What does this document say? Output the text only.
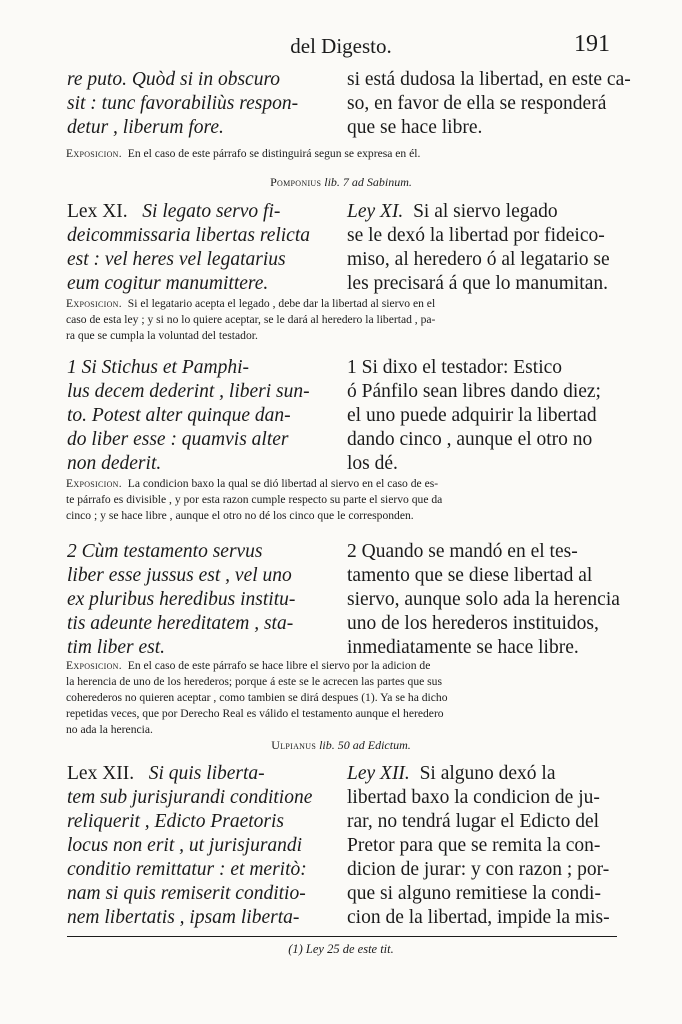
del Digesto.	191
re puto. Quòd si in obscuro
sit : tunc favorabiliùs respon-
detur , liberum fore.
si está dudosa la libertad, en este ca-
so, en favor de ella se responderá
que se hace libre.
Exposicion. En el caso de este párrafo se distinguirá segun se expresa en él.
Pomponius lib. 7 ad Sabinum.
Lex XI. Si legato servo fi-
deicommissaria libertas relicta
est : vel heres vel legatarius
eum cogitur manumittere.
Ley XI. Si al siervo legado
se le dexó la libertad por fideico-
miso, al heredero ó al legatario se
les precisará á que lo manumitan.
Exposicion. Si el legatario acepta el legado , debe dar la libertad al siervo en el
caso de esta ley ; y si no lo quiere aceptar, se le dará al heredero la libertad , pa-
ra que se cumpla la voluntad del testador.
1 Si Stichus et Pamphi-
lus decem dederint , liberi sun-
to. Potest alter quinque dan-
do liber esse : quamvis alter
non dederit.
1 Si dixo el testador: Estico
ó Pánfilo sean libres dando diez;
el uno puede adquirir la libertad
dando cinco , aunque el otro no
los dé.
Exposicion. La condicion baxo la qual se dió libertad al siervo en el caso de es-
te párrafo es divisible , y por esta razon cumple respecto su parte el siervo que da
cinco ; y se hace libre , aunque el otro no dé los cinco que le corresponden.
2 Cùm testamento servus
liber esse jussus est , vel uno
ex pluribus heredibus institu-
tis adeunte hereditatem , sta-
tim liber est.
2 Quando se mandó en el tes-
tamento que se diese libertad al
siervo, aunque solo ada la herencia
uno de los herederos instituidos,
inmediatamente se hace libre.
Exposicion. En el caso de este párrafo se hace libre el siervo por la adicion de
la herencia de uno de los herederos; porque á este se le acrecen las partes que sus
coherederos no quieren aceptar , como tambien se dirá despues (1). Ya se ha dicho
repetidas veces, que por Derecho Real es válido el testamento aunque el heredero
no ada la herencia.
Ulpianus lib. 50 ad Edictum.
Lex XII. Si quis liberta-
tem sub jurisjurandi conditione
reliquerit , Edicto Praetoris
locus non erit , ut jurisjurandi
conditio remittatur : et meritò:
nam si quis remiserit conditio-
nem libertatis , ipsam liberta-
Ley XII. Si alguno dexó la
libertad baxo la condicion de ju-
rar, no tendrá lugar el Edicto del
Pretor para que se remita la con-
dicion de jurar: y con razon ; por-
que si alguno remitiese la condi-
cion de la libertad, impide la mis-
(1) Ley 25 de este tit.
